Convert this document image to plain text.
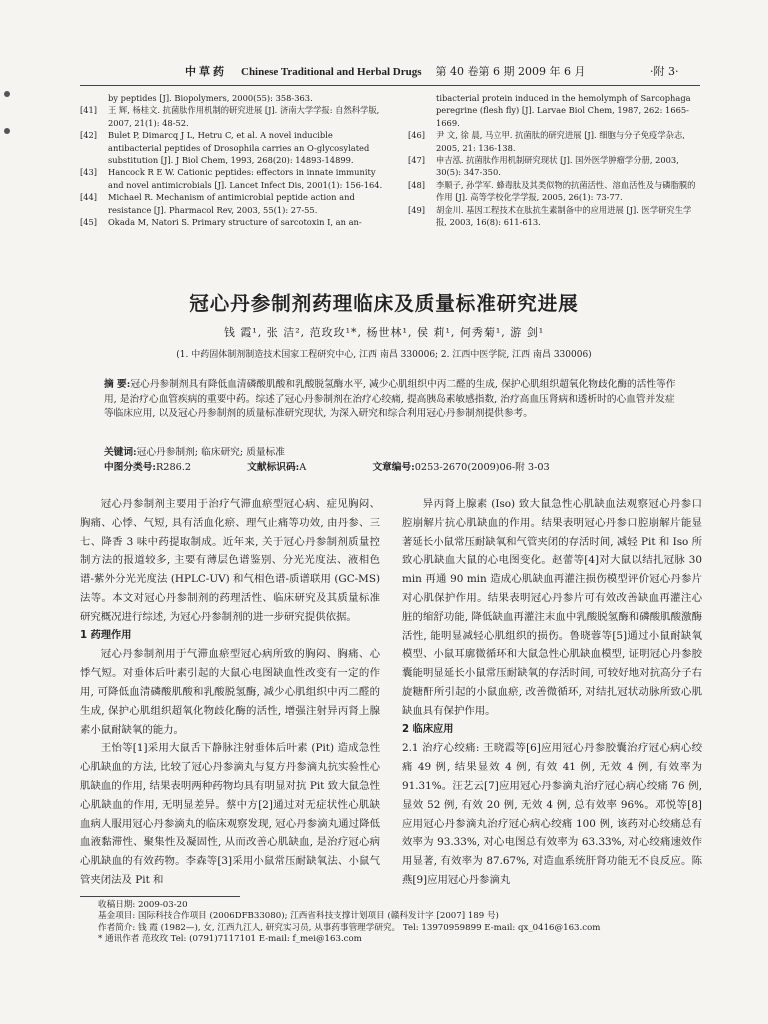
中草药 Chinese Traditional and Herbal Drugs 第 40 卷第 6 期 2009 年 6 月	·附 3·
by peptides [J]. Biopolymers, 2000(55): 358-363.
[41]	王 辉, 杨桂文. 抗菌肽作用机制的研究进展 [J]. 济南大学学报: 自然科学版, 2007, 21(1): 48-52.
[42]	Bulet P, Dimarcq J L, Hetru C, et al. A novel inducible antibacterial peptides of Drosophila carries an O-glycosylated substitution [J]. J Biol Chem, 1993, 268(20): 14893-14899.
[43]	Hancock R E W. Cationic peptides: effectors in innate immunity and novel antimicrobials [J]. Lancet Infect Dis, 2001(1): 156-164.
[44]	Michael R. Mechanism of antimicrobial peptide action and resistance [J]. Pharmacol Rev, 2003, 55(1): 27-55.
[45]	Okada M, Natori S. Primary structure of sarcotoxin I, an an-
tibacterial protein induced in the hemolymph of Sarcophaga peregrine (flesh fly) [J]. Larvae Biol Chem, 1987, 262: 1665-1669.
[46]	尹 文, 徐 晨, 马立甲. 抗菌肽的研究进展 [J]. 细胞与分子免疫学杂志, 2005, 21: 136-138.
[47]	申吉泓. 抗菌肽作用机制研究现状 [J]. 国外医学肿瘤学分册, 2003, 30(5): 347-350.
[48]	李顺子, 孙学军. 蜂毒肽及其类似物的抗菌活性、溶血活性及与磷脂膜的作用 [J]. 高等学校化学学报, 2005, 26(1): 73-77.
[49]	胡金川. 基因工程技术在肽抗生素制备中的应用进展 [J]. 医学研究生学报, 2003, 16(8): 611-613.
冠心丹参制剂药理临床及质量标准研究进展
钱 霞¹, 张 洁², 范玫玫¹*, 杨世林¹, 侯 莉¹, 何秀菊¹, 游 剑¹
(1. 中药固体制剂制造技术国家工程研究中心, 江西 南昌 330006; 2. 江西中医学院, 江西 南昌 330006)
摘 要:冠心丹参制剂具有降低血清磷酸肌酸和乳酸脱氢酶水平, 减少心肌组织中丙二醛的生成, 保护心肌组织超氧化物歧化酶的活性等作用, 是治疗心血管疾病的重要中药。综述了冠心丹参制剂在治疗心绞痛, 提高胰岛素敏感指数, 治疗高血压肾病和透析时的心血管并发症等临床应用, 以及冠心丹参制剂的质量标准研究现状, 为深入研究和综合利用冠心丹参制剂提供参考。
关键词:冠心丹参制剂; 临床研究; 质量标准
中图分类号:R286.2	文献标识码:A	文章编号:0253-2670(2009)06-附 3-03

冠心丹参制剂主要用于治疗气滞血瘀型冠心病、症见胸闷、胸痛、心悸、气短, 具有活血化瘀、理气止痛等功效, 由丹参、三七、降香 3 味中药提取制成。近年来, 关于冠心丹参制剂质量控制方法的报道较多, 主要有薄层色谱鉴别、分光光度法、液相色谱-紫外分光光度法 (HPLC-UV) 和气相色谱-质谱联用 (GC-MS) 法等。本文对冠心丹参制剂的药理活性、临床研究及其质量标准研究概况进行综述, 为冠心丹参制剂的进一步研究提供依据。

1 药理作用

冠心丹参制剂用于气滞血瘀型冠心病所致的胸闷、胸痛、心悸气短。对垂体后叶素引起的大鼠心电图缺血性改变有一定的作用, 可降低血清磷酸肌酸和乳酸脱氢酶, 减少心肌组织中丙二醛的生成, 保护心肌组织超氧化物歧化酶的活性, 增强注射异丙肾上腺素小鼠耐缺氧的能力。

王怡等[1]采用大鼠舌下静脉注射垂体后叶素 (Pit) 造成急性心肌缺血的方法, 比较了冠心丹参滴丸与复方丹参滴丸抗实验性心肌缺血的作用, 结果表明两种药物均具有明显对抗 Pit 致大鼠急性心肌缺血的作用, 无明显差异。蔡中方[2]通过对无症状性心肌缺血病人服用冠心丹参滴丸的临床观察发现, 冠心丹参滴丸通过降低血液黏滞性、聚集性及凝固性, 从而改善心肌缺血, 是治疗冠心病心肌缺血的有效药物。李森等[3]采用小鼠常压耐缺氧法、小鼠气管夹闭法及 Pit 和

异丙肾上腺素 (Iso) 致大鼠急性心肌缺血法观察冠心丹参口腔崩解片抗心肌缺血的作用。结果表明冠心丹参口腔崩解片能显著延长小鼠常压耐缺氧和气管夹闭的存活时间, 减轻 Pit 和 Iso 所致心肌缺血大鼠的心电图变化。赵蕾等[4]对大鼠以结扎冠脉 30 min 再通 90 min 造成心肌缺血再灌注损伤模型评价冠心丹参片对心肌保护作用。结果表明冠心丹参片可有效改善缺血再灌注心脏的缩舒功能, 降低缺血再灌注末血中乳酸脱氢酶和磷酸肌酸激酶活性, 能明显减轻心肌组织的损伤。鲁晓蓉等[5]通过小鼠耐缺氧模型、小鼠耳廓微循环和大鼠急性心肌缺血模型, 证明冠心丹参胶囊能明显延长小鼠常压耐缺氧的存活时间, 可较好地对抗高分子右旋糖酐所引起的小鼠血瘀, 改善微循环, 对结扎冠状动脉所致心肌缺血具有保护作用。

2 临床应用

2.1 治疗心绞痛: 王晓霞等[6]应用冠心丹参胶囊治疗冠心病心绞痛 49 例, 结果显效 4 例, 有效 41 例, 无效 4 例, 有效率为 91.31%。汪艺云[7]应用冠心丹参滴丸治疗冠心病心绞痛 76 例, 显效 52 例, 有效 20 例, 无效 4 例, 总有效率 96%。邓悦等[8]应用冠心丹参滴丸治疗冠心病心绞痛 100 例, 该药对心绞痛总有效率为 93.33%, 对心电图总有效率为 63.33%, 对心绞痛速效作用显著, 有效率为 87.67%, 对造血系统肝肾功能无不良反应。陈燕[9]应用冠心丹参滴丸

收稿日期: 2009-03-20
基金项目: 国际科技合作项目 (2006DFB33080); 江西省科技支撑计划项目 (赣科发计字 [2007] 189 号)
作者简介: 钱 霞 (1982—), 女, 江西九江人, 研究实习员, 从事药事管理学研究。 Tel: 13970959899 E-mail: qx_0416@163.com
* 通讯作者 范玫玫 Tel: (0791)7117101 E-mail: f_mei@163.com
